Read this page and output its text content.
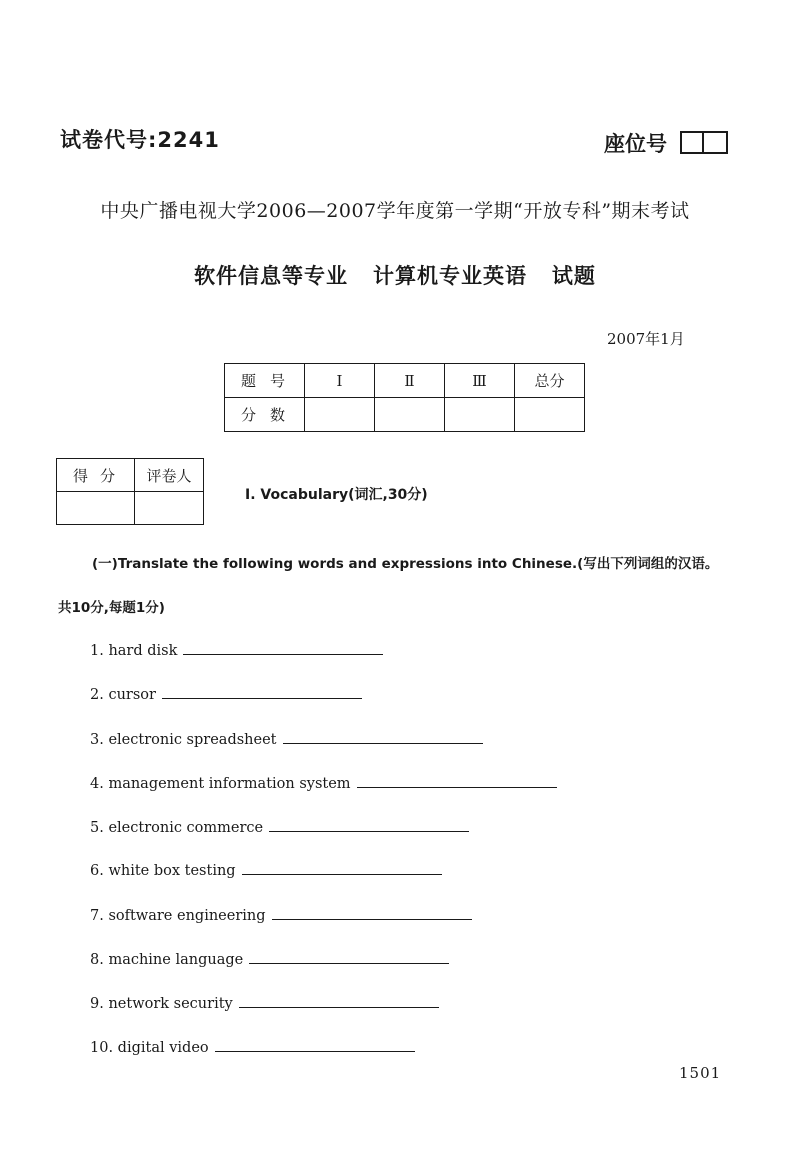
试卷代号:2241	座位号
中央广播电视大学2006—2007学年度第一学期“开放专科”期末考试
软件信息等专业   计算机专业英语   试题
2007年1月
题号	Ⅰ	Ⅱ	Ⅲ	总分
分数				
得分	评卷人

Ⅰ. Vocabulary(词汇,30分)
(一)Translate the following words and expressions into Chinese.(写出下列词组的汉语。
共10分,每题1分)
1. hard disk
2. cursor
3. electronic spreadsheet
4. management information system
5. electronic commerce
6. white box testing
7. software engineering
8. machine language
9. network security
10. digital video
1501
